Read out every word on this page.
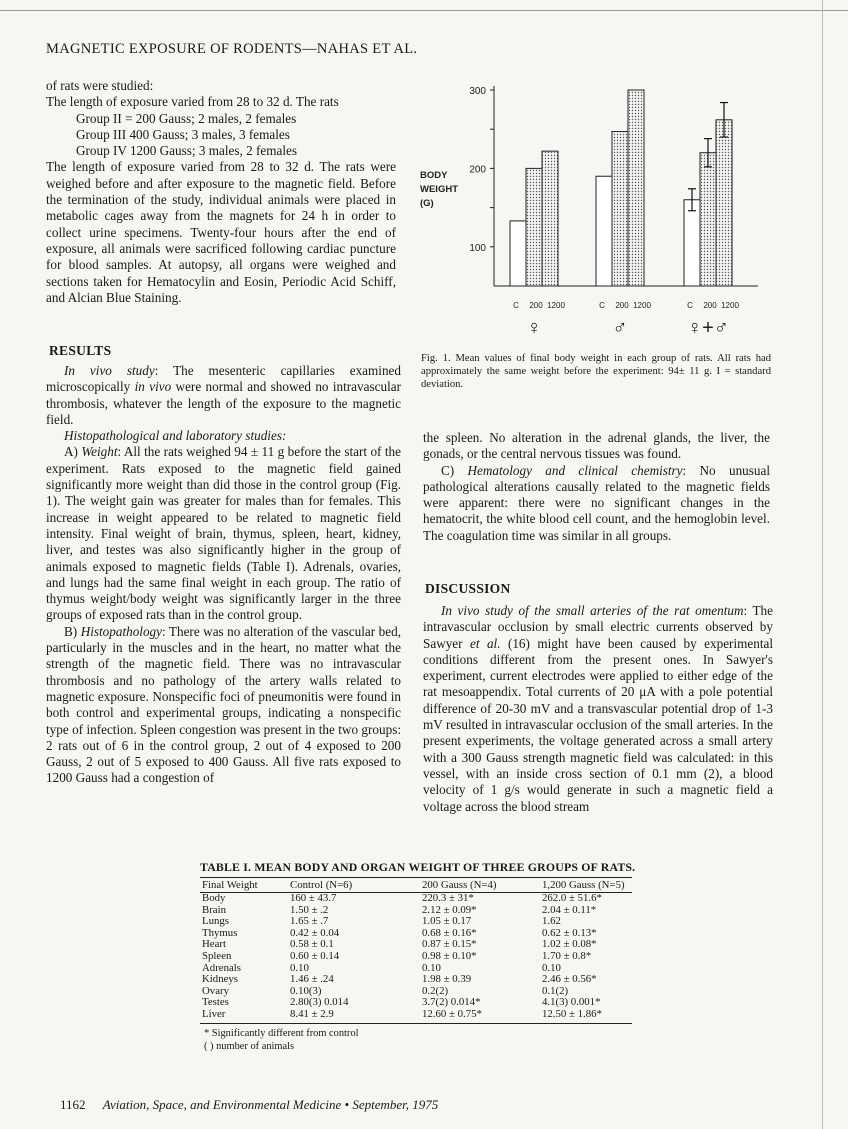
MAGNETIC EXPOSURE OF RODENTS—NAHAS ET AL.

of rats were studied:

The length of exposure varied from 28 to 32 d. The rats

Group II = 200 Gauss; 2 males, 2 females

Group III 400 Gauss; 3 males, 3 females

Group IV 1200 Gauss; 3 males, 2 females

The length of exposure varied from 28 to 32 d. The rats were weighed before and after exposure to the magnetic field. Before the termination of the study, individual animals were placed in metabolic cages away from the magnets for 24 h in order to collect urine specimens. Twenty-four hours after the end of exposure, all animals were sacrificed following cardiac puncture for blood samples. At autopsy, all organs were weighed and sections taken for Hematocylin and Eosin, Periodic Acid Schiff, and Alcian Blue Staining.

100
200
300
BODY
WEIGHT
(G)
C 200 1200
♀
C 200 1200
♂
C 200 1200
♀+♂
Fig. 1. Mean values of final body weight in each group of rats. All rats had approximately the same weight before the experiment: 94± 11 g. I = standard deviation.
RESULTS

In vivo study: The mesenteric capillaries examined microscopically in vivo were normal and showed no intravascular thrombosis, whatever the length of the exposure to the magnetic field.

Histopathological and laboratory studies:

A) Weight: All the rats weighed 94 ± 11 g before the start of the experiment. Rats exposed to the magnetic field gained significantly more weight than did those in the control group (Fig. 1). The weight gain was greater for males than for females. This increase in weight appeared to be related to magnetic field intensity. Final weight of brain, thymus, spleen, heart, kidney, liver, and testes was also significantly higher in the group of animals exposed to magnetic fields (Table I). Adrenals, ovaries, and lungs had the same final weight in each group. The ratio of thymus weight/body weight was significantly larger in the three groups of exposed rats than in the control group.

B) Histopathology: There was no alteration of the vascular bed, particularly in the muscles and in the heart, no matter what the strength of the magnetic field. There was no intravascular thrombosis and no pathology of the artery walls related to magnetic exposure. Nonspecific foci of pneumonitis were found in both control and experimental groups, indicating a nonspecific type of infection. Spleen congestion was present in the two groups: 2 rats out of 6 in the control group, 2 out of 4 exposed to 200 Gauss, 2 out of 5 exposed to 400 Gauss. All five rats exposed to 1200 Gauss had a congestion of

the spleen. No alteration in the adrenal glands, the liver, the gonads, or the central nervous tissues was found.

C) Hematology and clinical chemistry: No unusual pathological alterations causally related to the magnetic fields were apparent: there were no significant changes in the hematocrit, the white blood cell count, and the hemoglobin level. The coagulation time was similar in all groups.

DISCUSSION

In vivo study of the small arteries of the rat omentum: The intravascular occlusion by small electric currents observed by Sawyer et al. (16) might have been caused by experimental conditions different from the present ones. In Sawyer's experiment, current electrodes were applied to either edge of the rat mesoappendix. Total currents of 20 μA with a pole potential difference of 20-30 mV and a transvascular potential drop of 1-3 mV resulted in intravascular occlusion of the small arteries. In the present experiments, the voltage generated across a small artery with a 300 Gauss strength magnetic field was calculated: in this vessel, with an inside cross section of 0.1 mm (2), a blood velocity of 1 g/s would generate in such a magnetic field a voltage across the blood stream

TABLE I. MEAN BODY AND ORGAN WEIGHT OF THREE GROUPS OF RATS.
Final Weight	Control (N=6)	200 Gauss (N=4)	1,200 Gauss (N=5)
Body	160 ± 43.7	220.3 ± 31*	262.0 ± 51.6*
Brain	1.50 ± .2	2.12 ± 0.09*	2.04 ± 0.11*
Lungs	1.65 ± .7	1.05 ± 0.17	1.62
Thymus	0.42 ± 0.04	0.68 ± 0.16*	0.62 ± 0.13*
Heart	0.58 ± 0.1	0.87 ± 0.15*	1.02 ± 0.08*
Spleen	0.60 ± 0.14	0.98 ± 0.10*	1.70 ± 0.8*
Adrenals	0.10	0.10	0.10
Kidneys	1.46 ± .24	1.98 ± 0.39	2.46 ± 0.56*
Ovary	0.10(3)	0.2(2)	0.1(2)
Testes	2.80(3) 0.014	3.7(2) 0.014*	4.1(3) 0.001*
Liver	8.41 ± 2.9	12.60 ± 0.75*	12.50 ± 1.86*
* Significantly different from control
( ) number of animals
1162 Aviation, Space, and Environmental Medicine • September, 1975
